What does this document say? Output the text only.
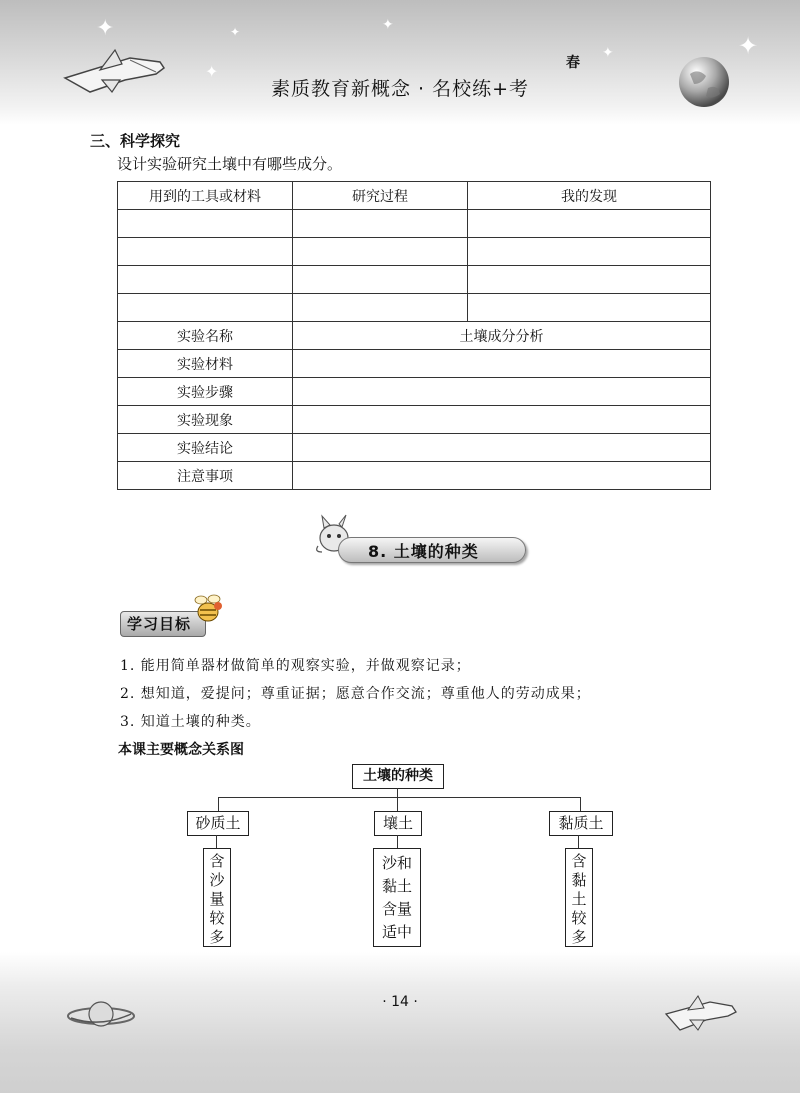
✦
✦
✦	✦
✦	✦
春
素质教育新概念 · 名校练+考
三、科学探究
设计实验研究土壤中有哪些成分。
用到的工具或材料	研究过程	我的发现

实验名称	土壤成分分析	
实验材料		
实验步骤		
实验现象		
实验结论		
注意事项		
8. 土壤的种类
学习目标
1. 能用简单器材做简单的观察实验，并做观察记录；
2. 想知道，爱提问；尊重证据；愿意合作交流；尊重他人的劳动成果；
3. 知道土壤的种类。
本课主要概念关系图
土壤的种类
砂质土	壤土	黏质土
含
沙
量
较
多
沙和
黏土
含量
适中
含
黏
土
较
多
· 14 ·
